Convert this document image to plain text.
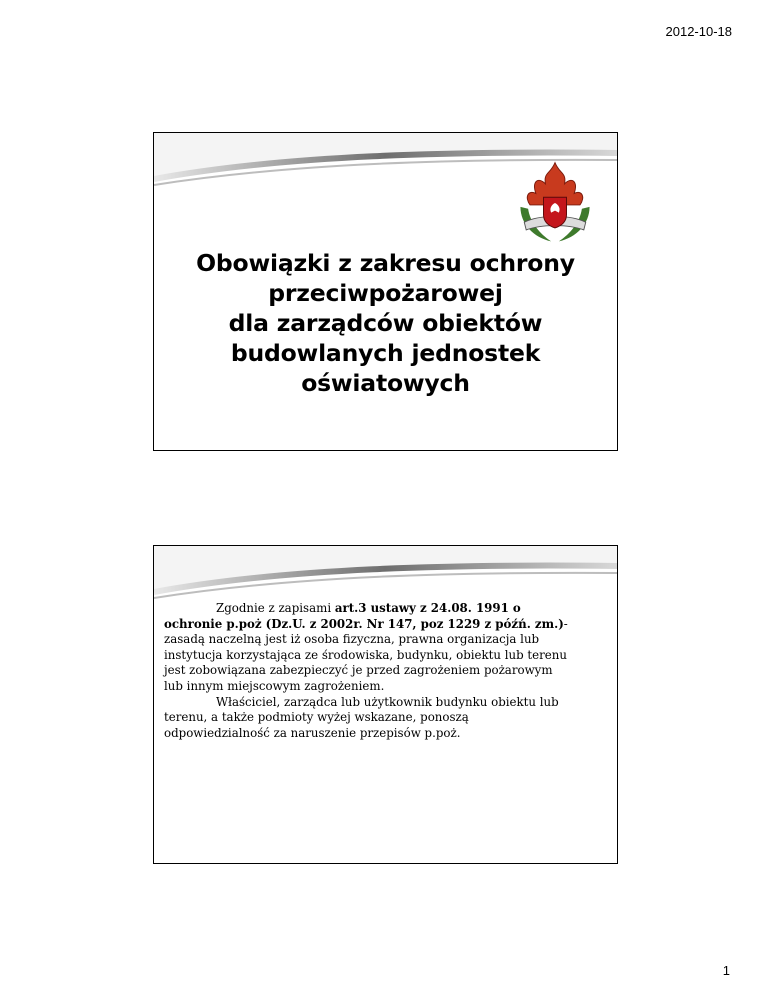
2012-10-18
Obowiązki z zakresu ochrony
przeciwpożarowej
dla zarządców obiektów
budowlanych jednostek
oświatowych

Zgodnie z zapisami art.3 ustawy z 24.08. 1991 o ochronie p.poż (Dz.U. z 2002r. Nr 147, poz 1229 z późń. zm.)-zasadą naczelną jest iż osoba fizyczna, prawna organizacja lub instytucja korzystająca ze środowiska, budynku, obiektu lub terenu jest zobowiązana zabezpieczyć je przed zagrożeniem pożarowym lub innym miejscowym zagrożeniem.

Właściciel, zarządca lub użytkownik budynku obiektu lub terenu, a także podmioty wyżej wskazane, ponoszą odpowiedzialność za naruszenie przepisów p.poż.

1
